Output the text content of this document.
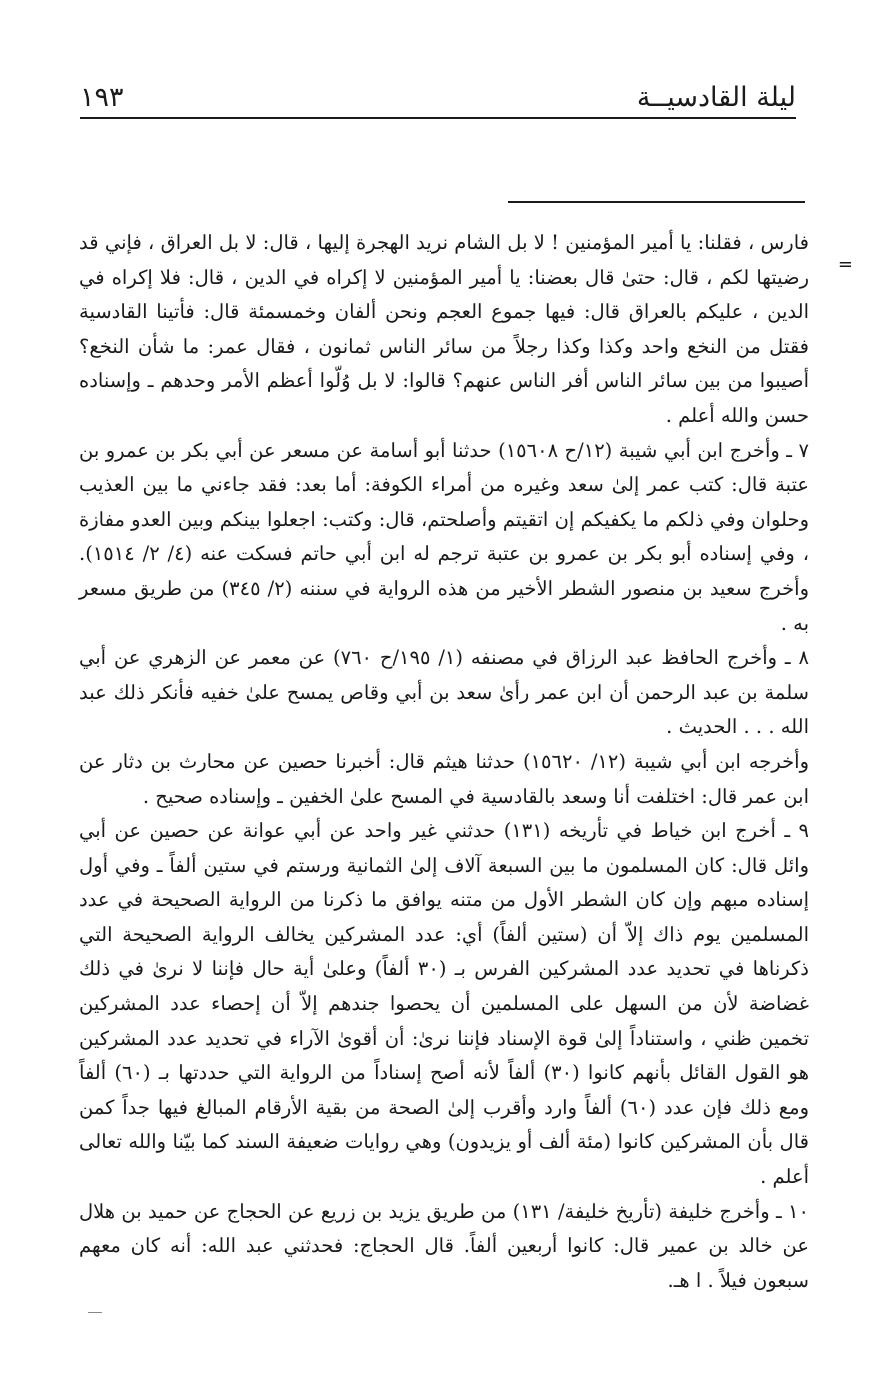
ليلة القادسيــة
١٩٣
=

فارس ، فقلنا: يا أمير المؤمنين ! لا بل الشام نريد الهجرة إليها ، قال: لا بل العراق ، فإني قد رضيتها لكم ، قال: حتىٰ قال بعضنا: يا أمير المؤمنين لا إكراه في الدين ، قال: فلا إكراه في الدين ، عليكم بالعراق قال: فيها جموع العجم ونحن ألفان وخمسمئة قال: فأتينا القادسية فقتل من النخع واحد وكذا وكذا رجلاً من سائر الناس ثمانون ، فقال عمر: ما شأن النخع؟ أصيبوا من بين سائر الناس أفر الناس عنهم؟ قالوا: لا بل وُلّوا أعظم الأمر وحدهم ـ وإسناده حسن والله أعلم .

٧ ـ وأخرج ابن أبي شيبة (١٢/ح ١٥٦٠٨) حدثنا أبو أسامة عن مسعر عن أبي بكر بن عمرو بن عتبة قال: كتب عمر إلىٰ سعد وغيره من أمراء الكوفة: أما بعد: فقد جاءني ما بين العذيب وحلوان وفي ذلكم ما يكفيكم إن اتقيتم وأصلحتم، قال: وكتب: اجعلوا بينكم وبين العدو مفازة ، وفي إسناده أبو بكر بن عمرو بن عتبة ترجم له ابن أبي حاتم فسكت عنه (٤/ ٢/ ١٥١٤). وأخرج سعيد بن منصور الشطر الأخير من هذه الرواية في سننه (٢/ ٣٤٥) من طريق مسعر به .

٨ ـ وأخرج الحافظ عبد الرزاق في مصنفه (١/ ١٩٥/ح ٧٦٠) عن معمر عن الزهري عن أبي سلمة بن عبد الرحمن أن ابن عمر رأىٰ سعد بن أبي وقاص يمسح علىٰ خفيه فأنكر ذلك عبد الله . . . الحديث .

وأخرجه ابن أبي شيبة (١٢/ ١٥٦٢٠) حدثنا هيثم قال: أخبرنا حصين عن محارث بن دثار عن ابن عمر قال: اختلفت أنا وسعد بالقادسية في المسح علىٰ الخفين ـ وإسناده صحيح .

٩ ـ أخرج ابن خياط في تأريخه (١٣١) حدثني غير واحد عن أبي عوانة عن حصين عن أبي وائل قال: كان المسلمون ما بين السبعة آلاف إلىٰ الثمانية ورستم في ستين ألفاً ـ وفي أول إسناده مبهم وإن كان الشطر الأول من متنه يوافق ما ذكرنا من الرواية الصحيحة في عدد المسلمين يوم ذاك إلاّ أن (ستين ألفاً) أي: عدد المشركين يخالف الرواية الصحيحة التي ذكرناها في تحديد عدد المشركين الفرس بـ (٣٠ ألفاً) وعلىٰ أية حال فإننا لا نرىٰ في ذلك غضاضة لأن من السهل على المسلمين أن يحصوا جندهم إلاّ أن إحصاء عدد المشركين تخمين ظني ، واستناداً إلىٰ قوة الإسناد فإننا نرىٰ: أن أقوىٰ الآراء في تحديد عدد المشركين هو القول القائل بأنهم كانوا (٣٠) ألفاً لأنه أصح إسناداً من الرواية التي حددتها بـ (٦٠) ألفاً ومع ذلك فإن عدد (٦٠) ألفاً وارد وأقرب إلىٰ الصحة من بقية الأرقام المبالغ فيها جداً كمن قال بأن المشركين كانوا (مئة ألف أو يزيدون) وهي روايات ضعيفة السند كما بيّنا والله تعالى أعلم .

١٠ ـ وأخرج خليفة (تأريخ خليفة/ ١٣١) من طريق يزيد بن زريع عن الحجاج عن حميد بن هلال عن خالد بن عمير قال: كانوا أربعين ألفاً. قال الحجاج: فحدثني عبد الله: أنه كان معهم سبعون فيلاً . ا هـ.
